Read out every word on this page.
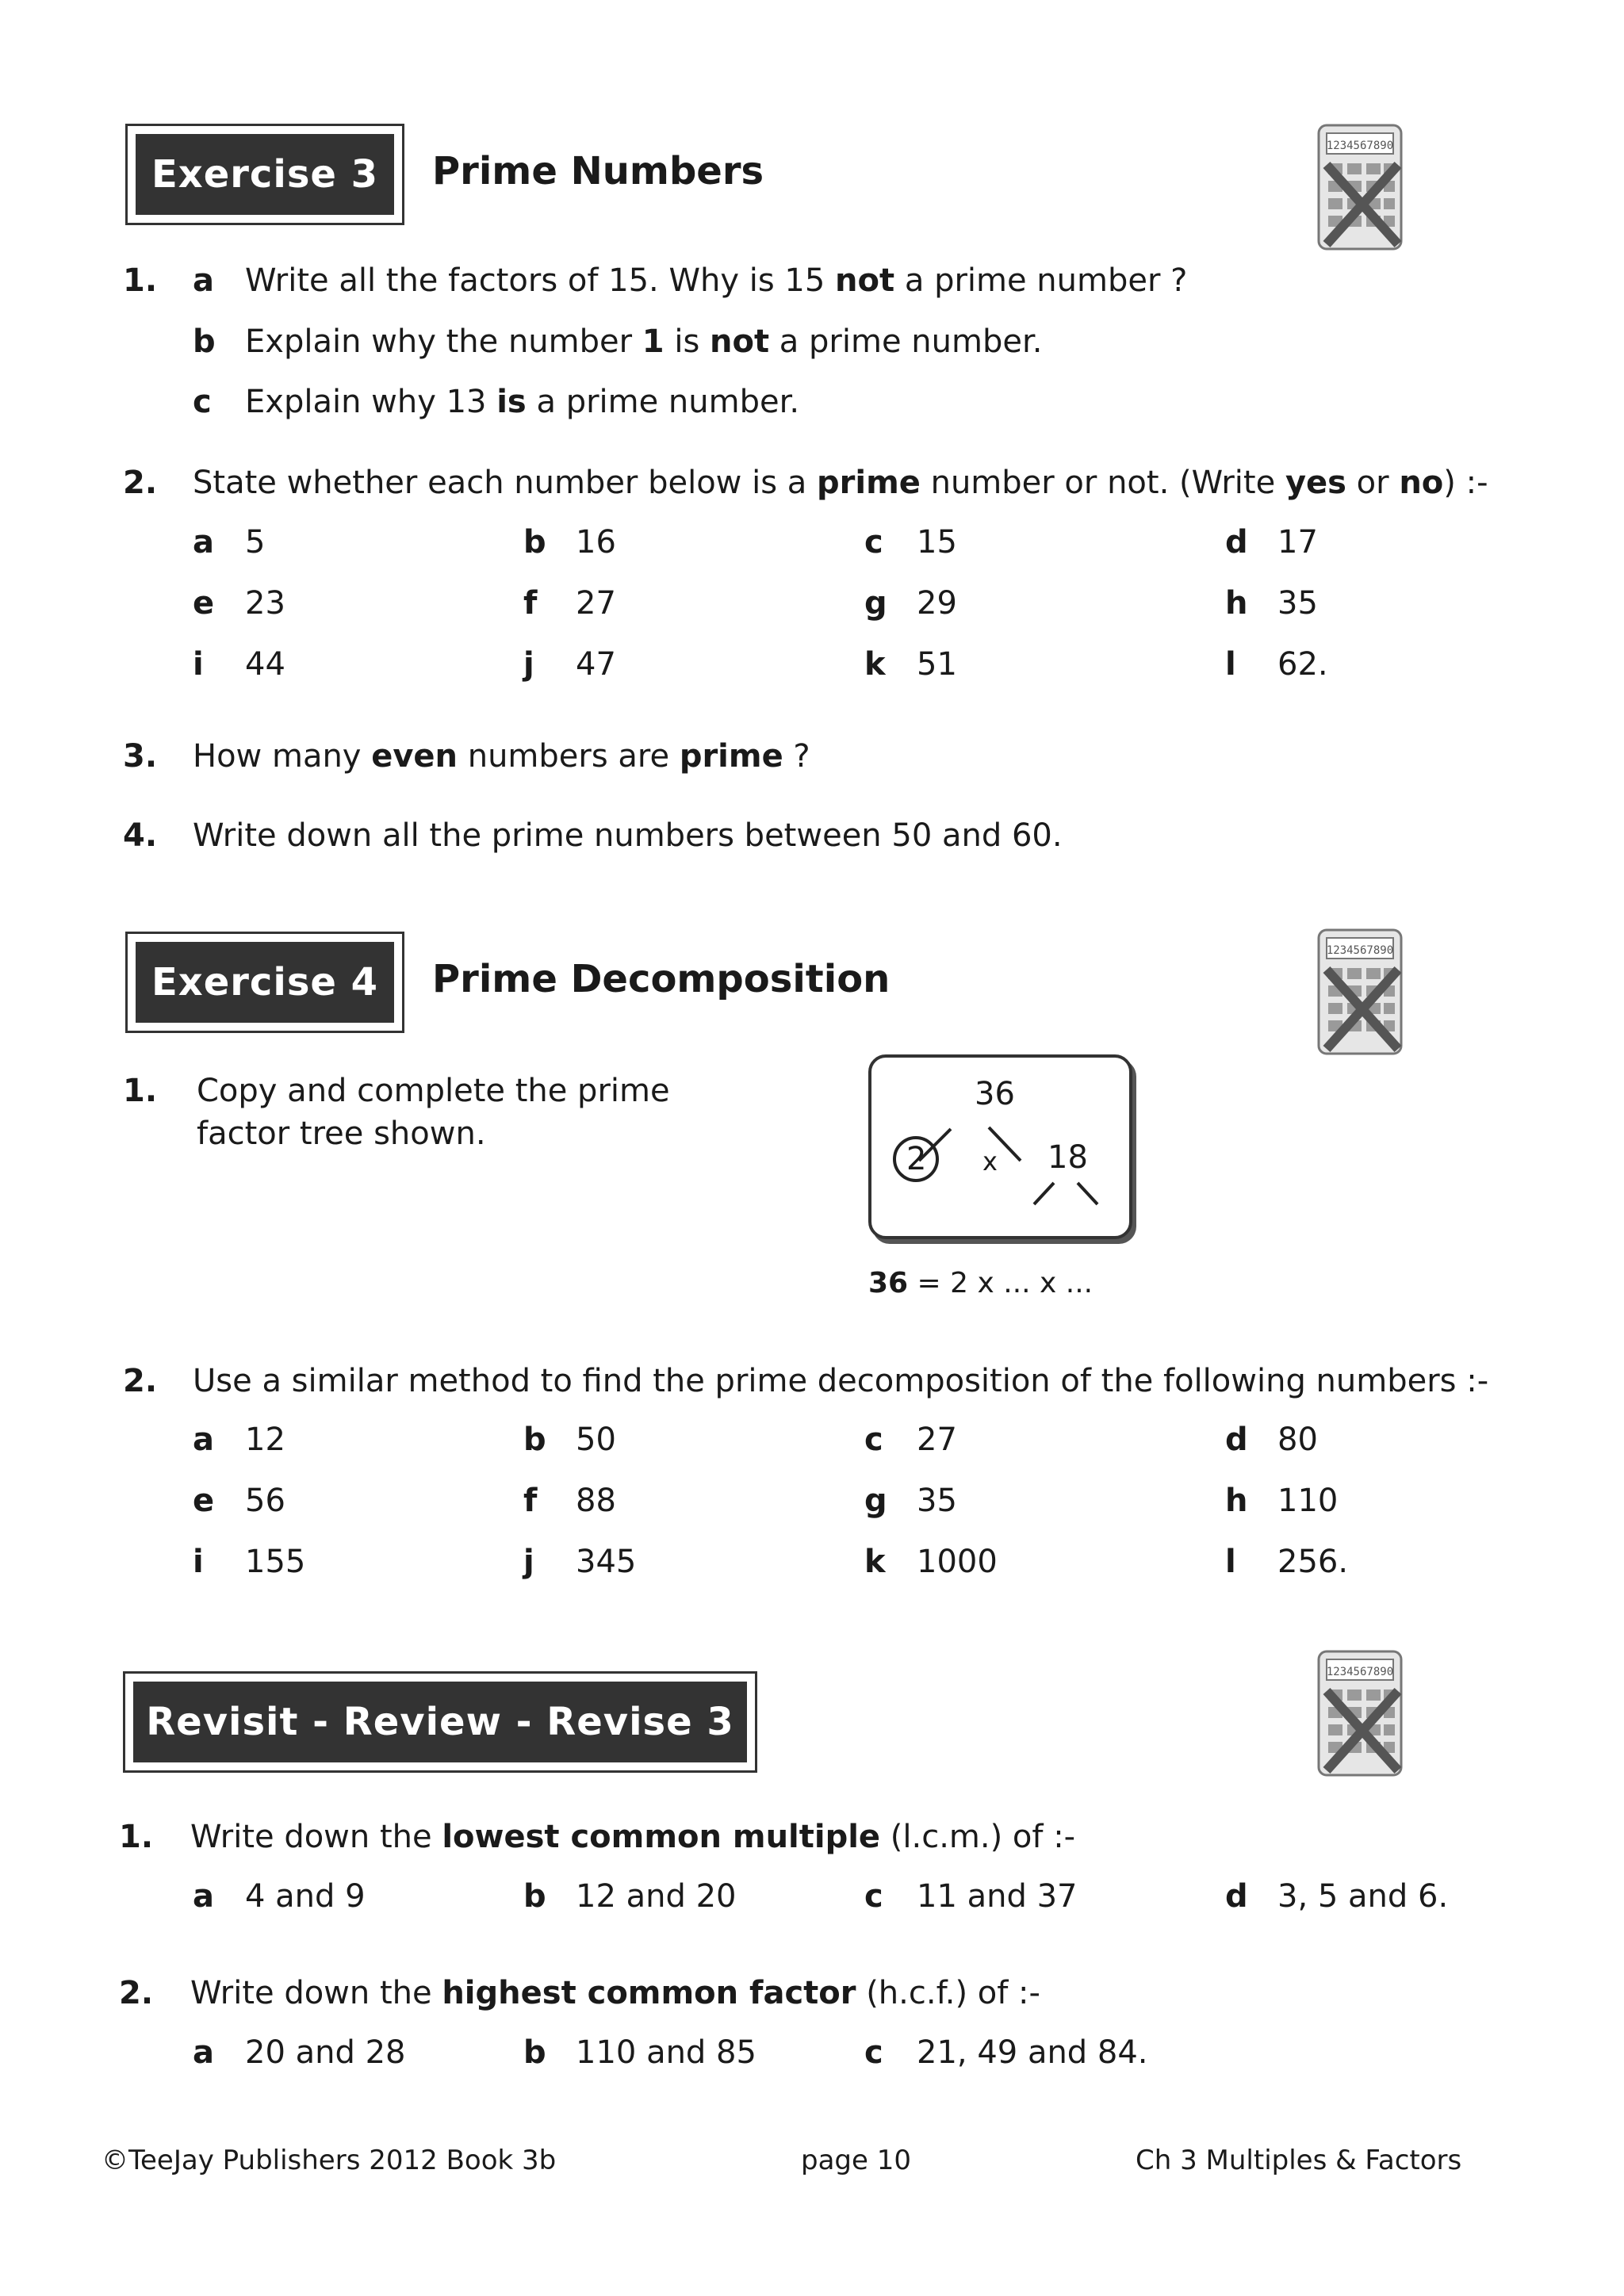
Exercise 3	Prime Numbers
1234567890
1. a Write all the factors of 15. Why is 15 not a prime number ?
b Explain why the number 1 is not a prime number.
c Explain why 13 is a prime number.
2. State whether each number below is a prime number or not. (Write yes or no) :-
a 5	b 16	c 15	d 17
e 23	f 27	g 29	h 35
i 44	j 47	k 51	l 62.
3. How many even numbers are prime ?
4. Write down all the prime numbers between 50 and 60.
Exercise 4	Prime Decomposition
1234567890
1. Copy and complete the prime
factor tree shown.
36
2 x 18
36 = 2 x ... x ...
2. Use a similar method to find the prime decomposition of the following numbers :-
a 12	b 50	c 27	d 80
e 56	f 88	g 35	h 110
i 155	j 345	k 1000	l 256.
Revisit - Review - Revise 3
1234567890
1. Write down the lowest common multiple (l.c.m.) of :-
a 4 and 9	b 12 and 20	c 11 and 37	d 3, 5 and 6.
2. Write down the highest common factor (h.c.f.) of :-
a 20 and 28	b 110 and 85	c 21, 49 and 84.
©TeeJay Publishers 2012 Book 3b	page 10	Ch 3 Multiples & Factors
